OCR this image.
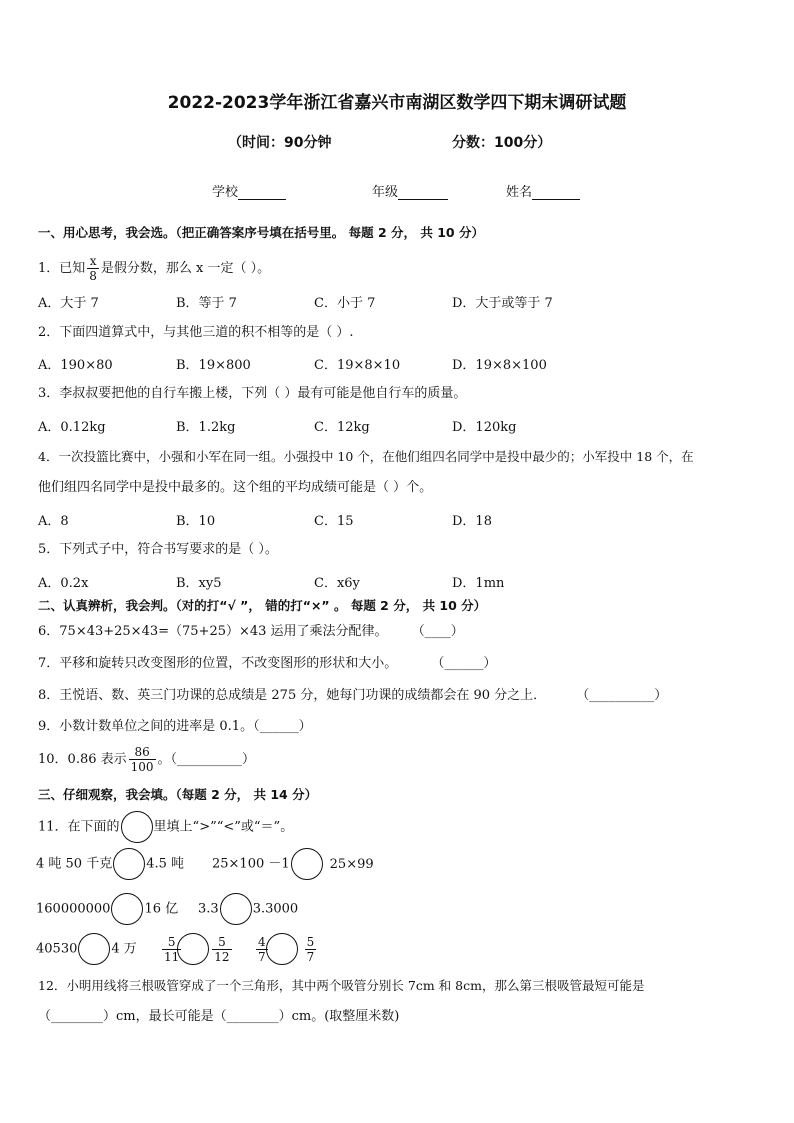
2022-2023学年浙江省嘉兴市南湖区数学四下期末调研试题
（时间：90分钟	分数：100分）
学校	年级	姓名
一、用心思考，我会选。（把正确答案序号填在括号里。 每题 2 分， 共 10 分）
1．已知 $\frac{x}{8}$ 是假分数，那么 x 一定（ ）。
A．大于 7	B．等于 7	C．小于 7	D．大于或等于 7
2．下面四道算式中，与其他三道的积不相等的是（ ）.
A．190×80	B．19×800	C．19×8×10	D．19×8×100
3．李叔叔要把他的自行车搬上楼，下列（ ）最有可能是他自行车的质量。
A．0.12kg	B．1.2kg	C．12kg	D．120kg
4．一次投篮比赛中，小强和小军在同一组。小强投中 10 个，在他们组四名同学中是投中最少的；小军投中 18 个，在
他们组四名同学中是投中最多的。这个组的平均成绩可能是（ ）个。
A．8	B．10	C．15	D．18
5．下列式子中，符合书写要求的是（ ）。
A．0.2x	B．xy5	C．x6y	D．1mn
二、认真辨析，我会判。（对的打“√ ”， 错的打“×” 。 每题 2 分， 共 10 分）
6．75×43+25×43=（75+25）×43 运用了乘法分配律。 （____）
7．平移和旋转只改变图形的位置，不改变图形的形状和大小。	（______）
8．王悦语、数、英三门功课的总成绩是 275 分，她每门功课的成绩都会在 90 分之上． （__________）
9．小数计数单位之间的进率是 0.1。（______）
10．0.86 表示 $\frac{86}{100}$ 。（__________）
三、仔细观察，我会填。（每题 2 分， 共 14 分）
11．在下面的	里填上“>”“<”或“＝”。
4 吨 50 千克	4.5 吨 25×100 －1	25×99
160000000	16 亿 3.3	3.3000
40530	4 万 $\frac{5}{11}$	$\frac{5}{12} \frac{4}{7}$	$\frac{5}{7}$
12．小明用线将三根吸管穿成了一个三角形，其中两个吸管分别长 7cm 和 8cm，那么第三根吸管最短可能是
（________）cm，最长可能是（________）cm。(取整厘米数)
